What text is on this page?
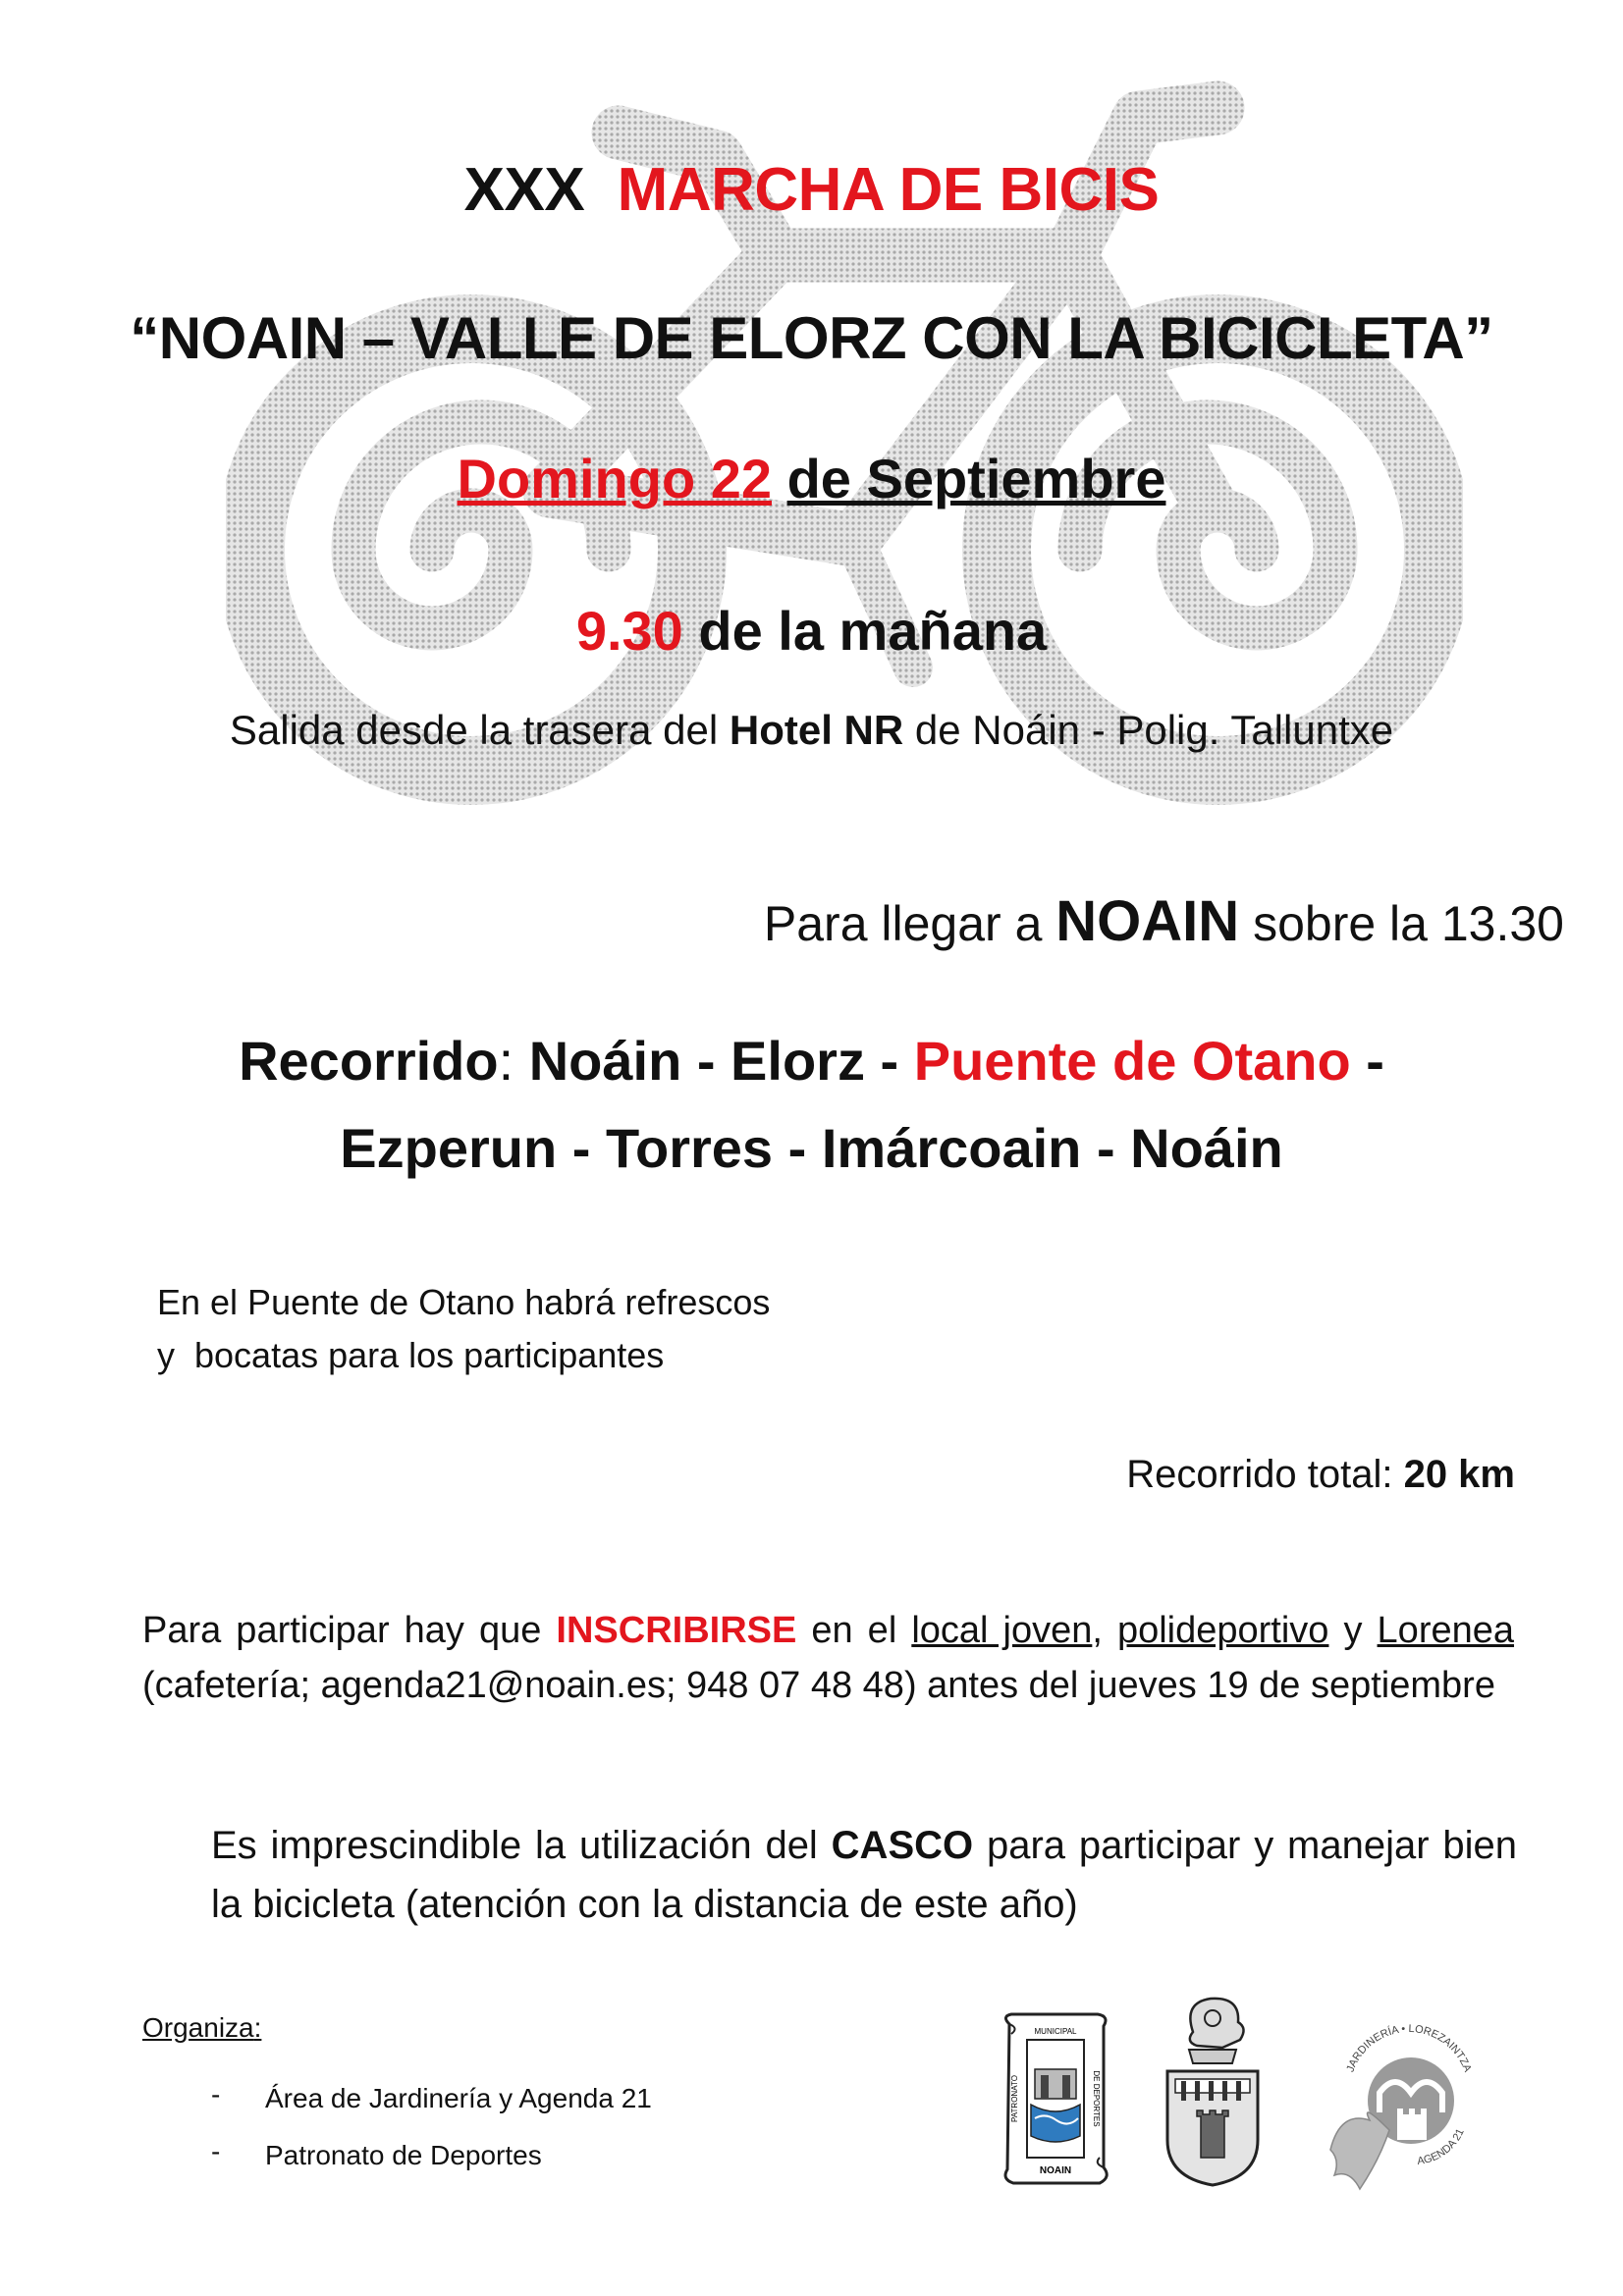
XXX MARCHA DE BICIS
“NOAIN – VALLE DE ELORZ CON LA BICICLETA”
Domingo 22 de Septiembre
9.30 de la mañana
Salida desde la trasera del Hotel NR de Noáin - Polig. Talluntxe
Para llegar a NOAIN sobre la 13.30
Recorrido: Noáin - Elorz - Puente de Otano -
Ezperun - Torres - Imárcoain - Noáin
En el Puente de Otano habrá refrescos
y  bocatas para los participantes
Recorrido total: 20 km
Para participar hay que INSCRIBIRSE en el local joven, polideportivo y Lorenea (cafetería; agenda21@noain.es; 948 07 48 48) antes del jueves 19 de septiembre
Es imprescindible la utilización del CASCO para participar y manejar bien la bicicleta (atención con la distancia de este año)
Organiza:
- Área de Jardinería y Agenda 21
- Patronato de Deportes
MUNICIPAL
PATRONATO	DE DEPORTES
NOAIN
JARDINERÍA • LOREZAINTZA
AGENDA 21
